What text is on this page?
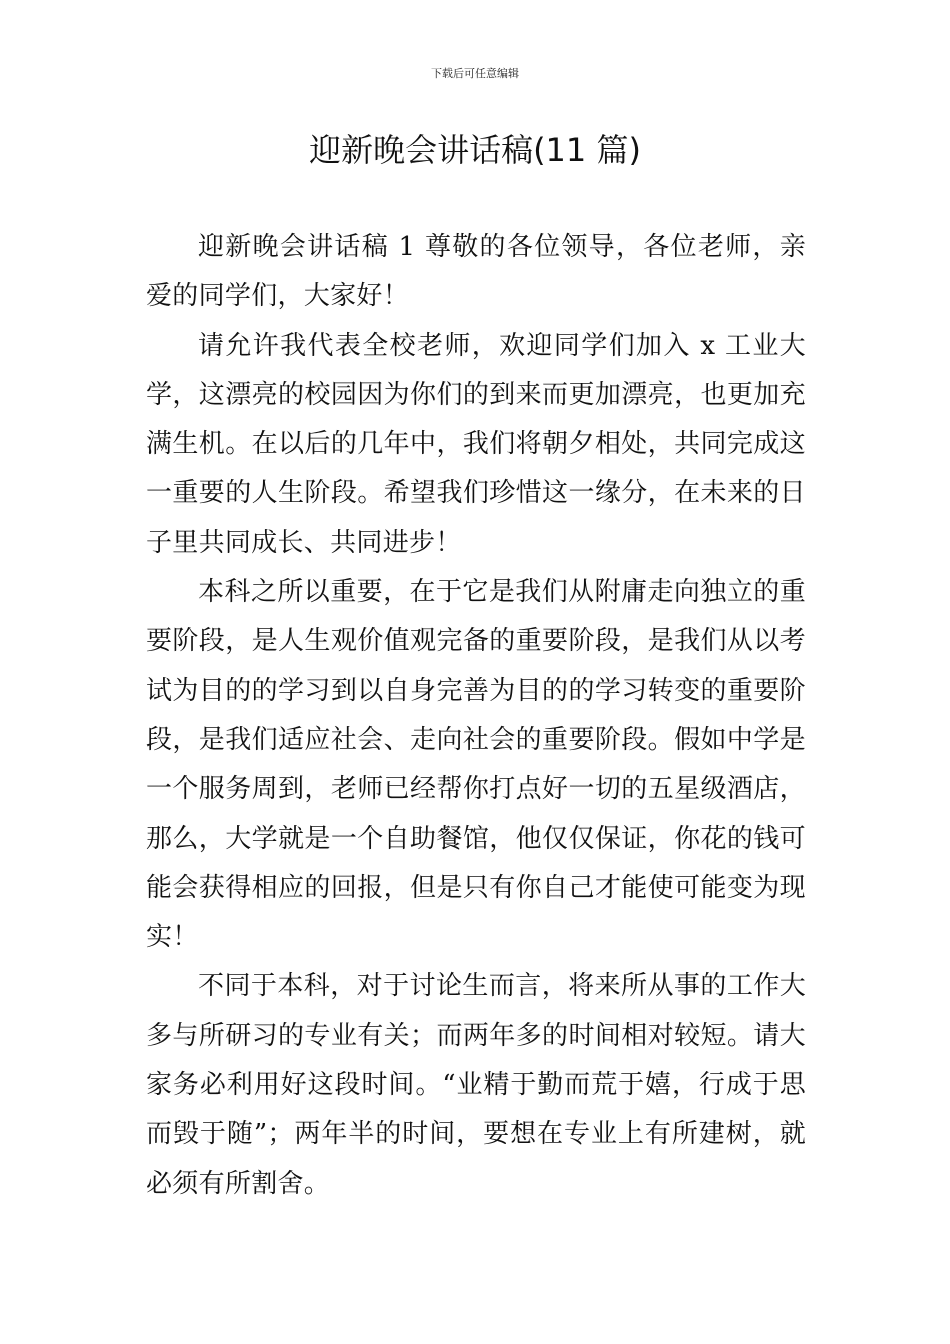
下载后可任意编辑
迎新晚会讲话稿(11 篇)

迎新晚会讲话稿 1 尊敬的各位领导，各位老师，亲爱的同学们，大家好！

请允许我代表全校老师，欢迎同学们加入 x 工业大学，这漂亮的校园因为你们的到来而更加漂亮，也更加充满生机。在以后的几年中，我们将朝夕相处，共同完成这一重要的人生阶段。希望我们珍惜这一缘分，在未来的日子里共同成长、共同进步！

本科之所以重要，在于它是我们从附庸走向独立的重要阶段，是人生观价值观完备的重要阶段，是我们从以考试为目的的学习到以自身完善为目的的学习转变的重要阶段，是我们适应社会、走向社会的重要阶段。假如中学是一个服务周到，老师已经帮你打点好一切的五星级酒店，那么，大学就是一个自助餐馆，他仅仅保证，你花的钱可能会获得相应的回报，但是只有你自己才能使可能变为现实！

不同于本科，对于讨论生而言，将来所从事的工作大多与所研习的专业有关；而两年多的时间相对较短。请大家务必利用好这段时间。“业精于勤而荒于嬉，行成于思而毁于随”；两年半的时间，要想在专业上有所建树，就必须有所割舍。
